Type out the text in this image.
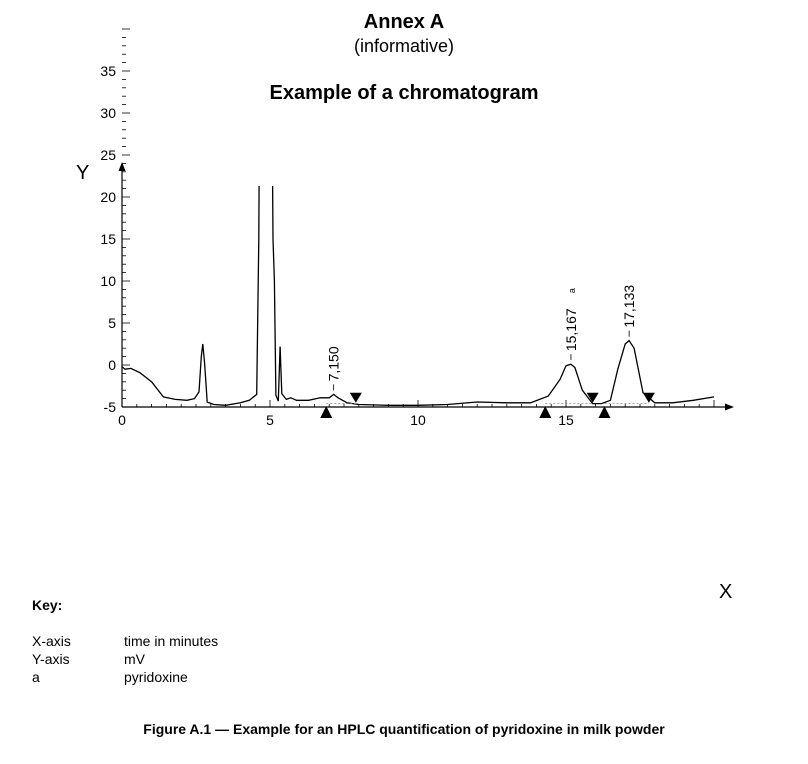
Annex A
(informative)
Example of a chromatogram
-5
0
5
10
15
20
25
30
35
0	5	10	15
Y
X
7,150
15,167
a	17,133
Key:
X-axis	time in minutes
Y-axis	mV
a	pyridoxine
Figure A.1 — Example for an HPLC quantification of pyridoxine in milk powder
